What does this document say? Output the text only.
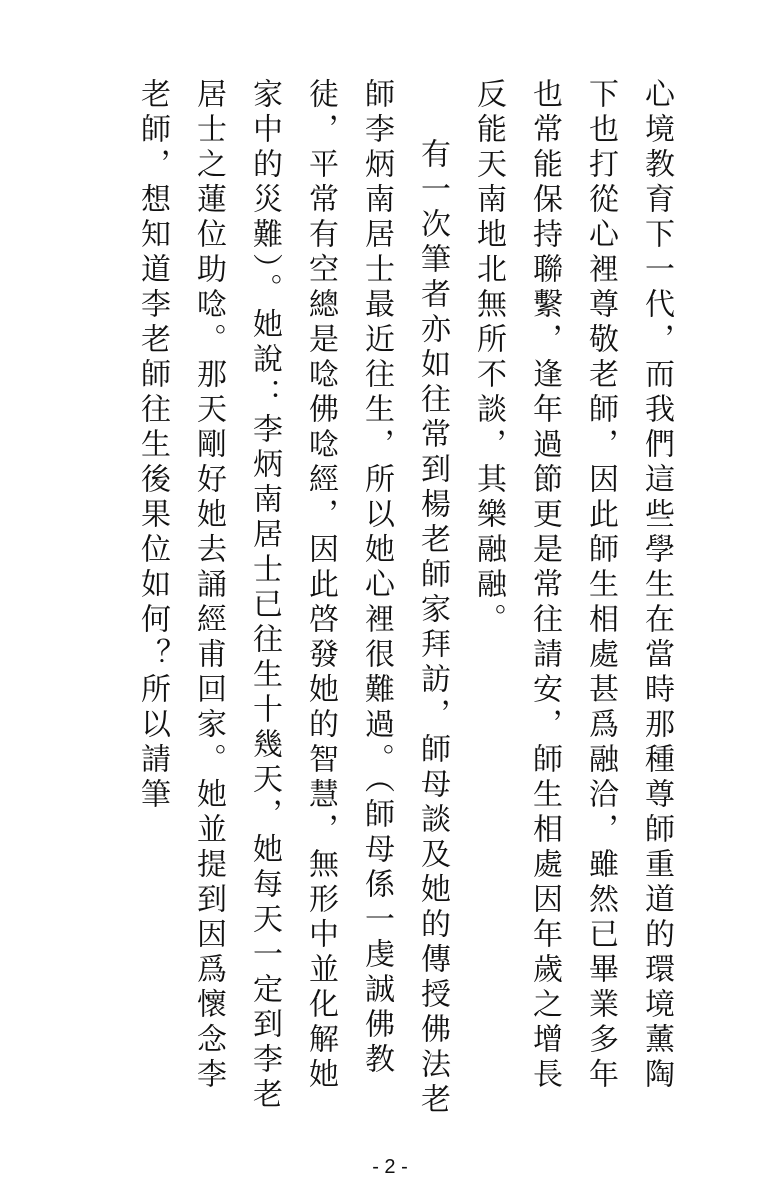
心境教育下一代，而我們這些學生在當時那種尊師重道的環境薰陶下也打從心裡尊敬老師，因此師生相處甚爲融洽，雖然已畢業多年也常能保持聯繫，逢年過節更是常往請安，師生相處因年歲之增長反能天南地北無所不談，其樂融融。

有一次筆者亦如往常到楊老師家拜訪，師母談及她的傳授佛法老師李炳南居士最近往生，所以她心裡很難過。（師母係一虔誠佛教徒，平常有空總是唸佛唸經，因此啓發她的智慧，無形中並化解她家中的災難）。她說：李炳南居士已往生十幾天，她每天一定到李老居士之蓮位助唸。那天剛好她去誦經甫回家。她並提到因爲懷念李老師，想知道李老師往生後果位如何？所以請筆

- 2 -
